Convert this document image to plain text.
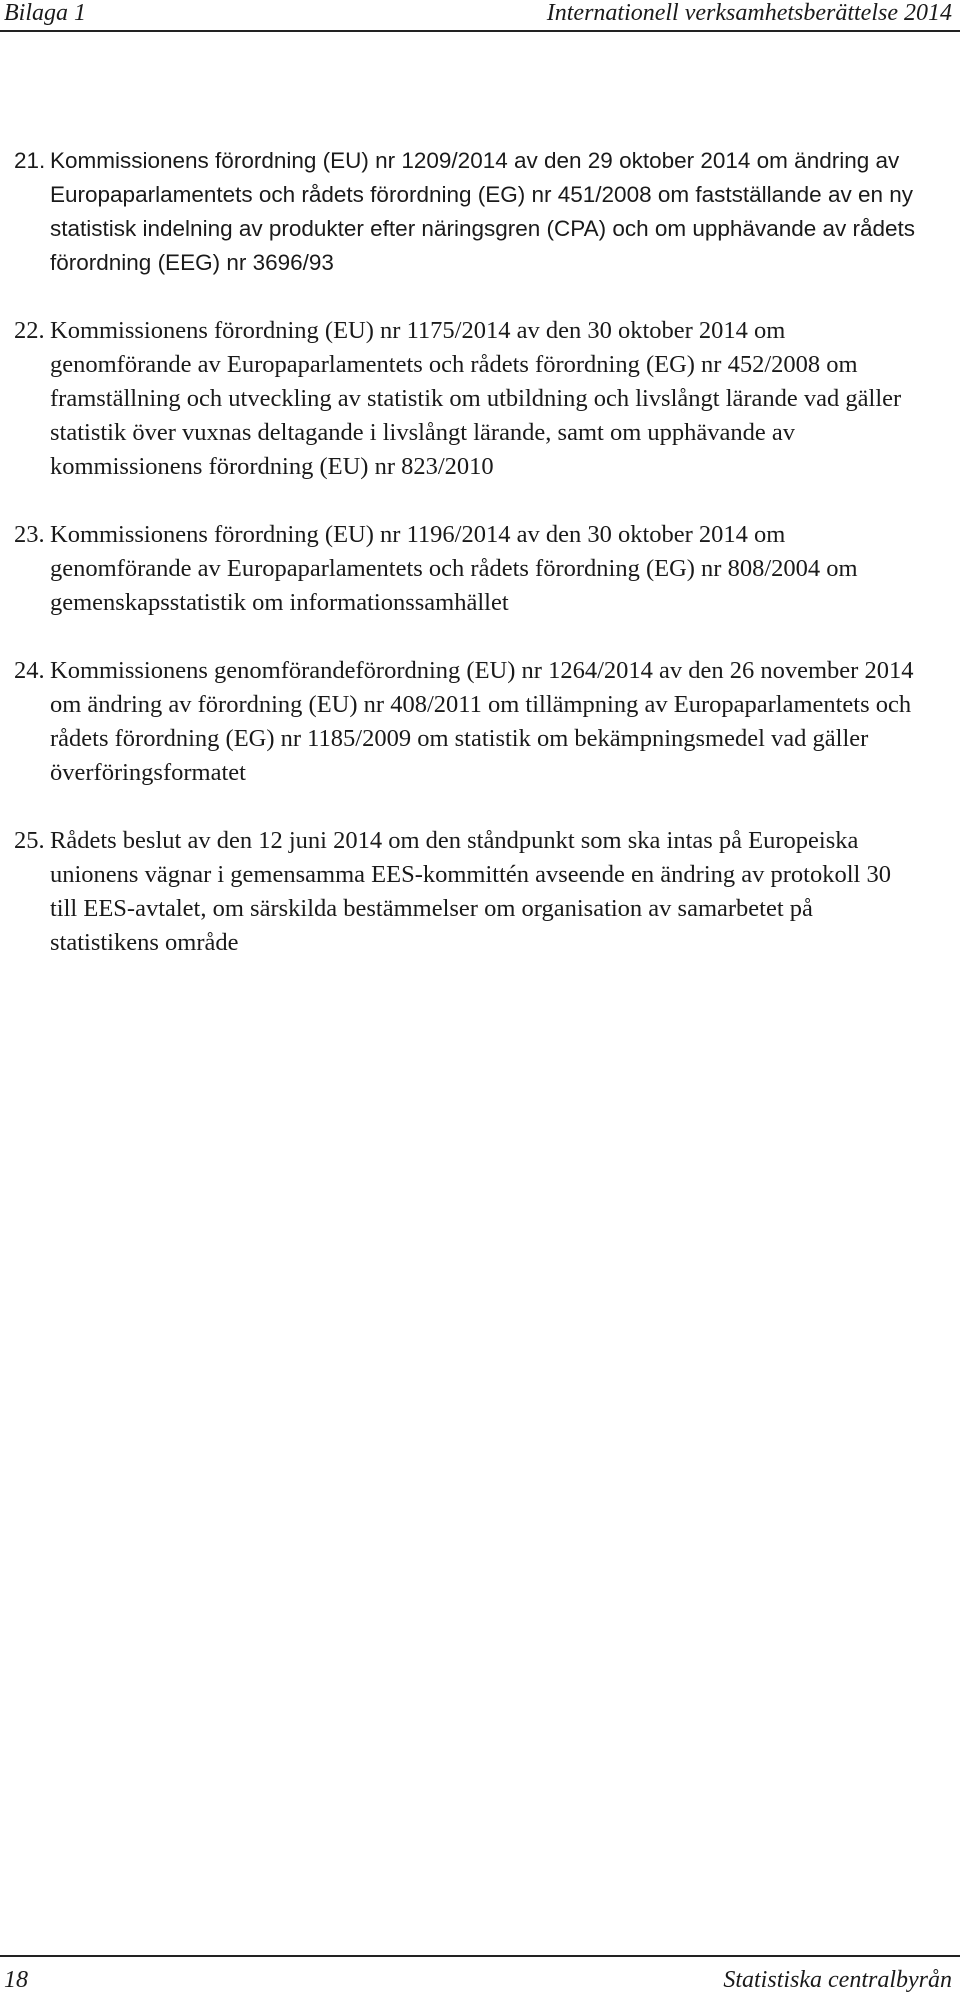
Bilaga 1	Internationell verksamhetsberättelse 2014
21. Kommissionens förordning (EU) nr 1209/2014 av den 29 oktober 2014 om ändring av Europaparlamentets och rådets förordning (EG) nr 451/2008 om fastställande av en ny statistisk indelning av produkter efter näringsgren (CPA) och om upphävande av rådets förordning (EEG) nr 3696/93
22. Kommissionens förordning (EU) nr 1175/2014 av den 30 oktober 2014 om genomförande av Europaparlamentets och rådets förordning (EG) nr 452/2008 om framställning och utveckling av statistik om utbildning och livslångt lärande vad gäller statistik över vuxnas deltagande i livslångt lärande, samt om upphävande av kommissionens förordning (EU) nr 823/2010
23. Kommissionens förordning (EU) nr 1196/2014 av den 30 oktober 2014 om genomförande av Europaparlamentets och rådets förordning (EG) nr 808/2004 om gemenskapsstatistik om informationssamhället
24. Kommissionens genomförandeförordning (EU) nr 1264/2014 av den 26 november 2014 om ändring av förordning (EU) nr 408/2011 om tillämpning av Europaparlamentets och rådets förordning (EG) nr 1185/2009 om statistik om bekämpningsmedel vad gäller överföringsformatet
25. Rådets beslut av den 12 juni 2014 om den ståndpunkt som ska intas på Europeiska unionens vägnar i gemensamma EES-kommittén avseende en ändring av protokoll 30 till EES-avtalet, om särskilda bestämmelser om organisation av samarbetet på statistikens område
18	Statistiska centralbyrån
